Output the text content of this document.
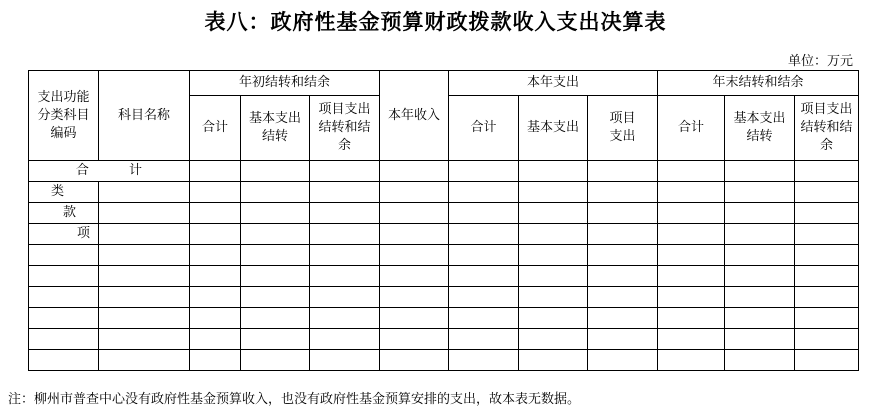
表八：政府性基金预算财政拨款收入支出决算表
单位：万元
支出功能分类科目编码	科目名称	年初结转和结余			本年收入	本年支出			年末结转和结余		
		合计	基本支出结转	项目支出结转和结余		合计	基本支出	项目支出	合计	基本支出结转	项目支出结转和结余
合 计											
类											
款											
项											

注：柳州市普查中心没有政府性基金预算收入，也没有政府性基金预算安排的支出，故本表无数据。
